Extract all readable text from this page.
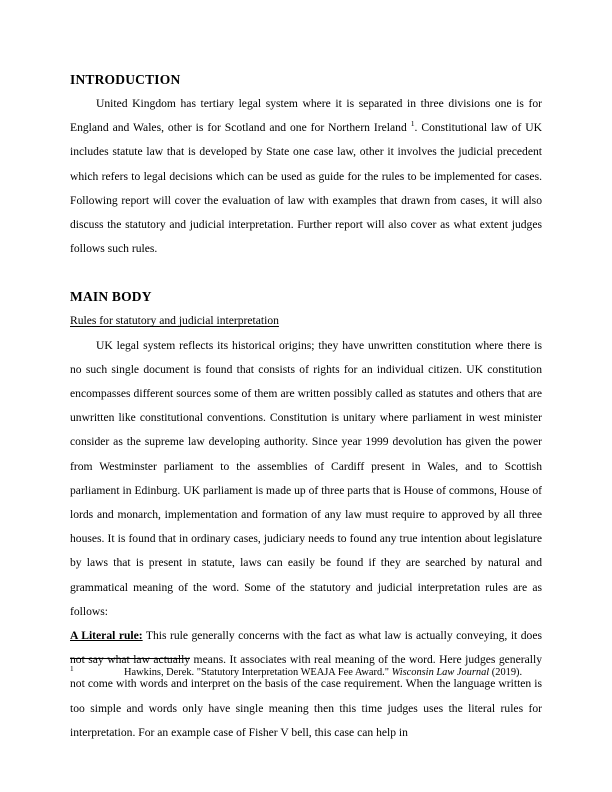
INTRODUCTION

United Kingdom has tertiary legal system where it is separated in three divisions one is for England and Wales, other is for Scotland and one for Northern Ireland $^1$. Constitutional law of UK includes statute law that is developed by State one case law, other it involves the judicial precedent which refers to legal decisions which can be used as guide for the rules to be implemented for cases. Following report will cover the evaluation of law with examples that drawn from cases, it will also discuss the statutory and judicial interpretation. Further report will also cover as what extent judges follows such rules.

MAIN BODY
Rules for statutory and judicial interpretation

UK legal system reflects its historical origins; they have unwritten constitution where there is no such single document is found that consists of rights for an individual citizen. UK constitution encompasses different sources some of them are written possibly called as statutes and others that are unwritten like constitutional conventions. Constitution is unitary where parliament in west minister consider as the supreme law developing authority. Since year 1999 devolution has given the power from Westminster parliament to the assemblies of Cardiff present in Wales, and to Scottish parliament in Edinburg. UK parliament is made up of three parts that is House of commons, House of lords and monarch, implementation and formation of any law must require to approved by all three houses. It is found that in ordinary cases, judiciary needs to found any true intention about legislature by laws that is present in statute, laws can easily be found if they are searched by natural and grammatical meaning of the word. Some of the statutory and judicial interpretation rules are as follows:

A Literal rule: This rule generally concerns with the fact as what law is actually conveying, it does not say what law actually means. It associates with real meaning of the word. Here judges generally not come with words and interpret on the basis of the case requirement. When the language written is too simple and words only have single meaning then this time judges uses the literal rules for interpretation. For an example case of Fisher V bell, this case can help in

1	Hawkins, Derek. "Statutory Interpretation WEAJA Fee Award." Wisconsin Law Journal (2019).
